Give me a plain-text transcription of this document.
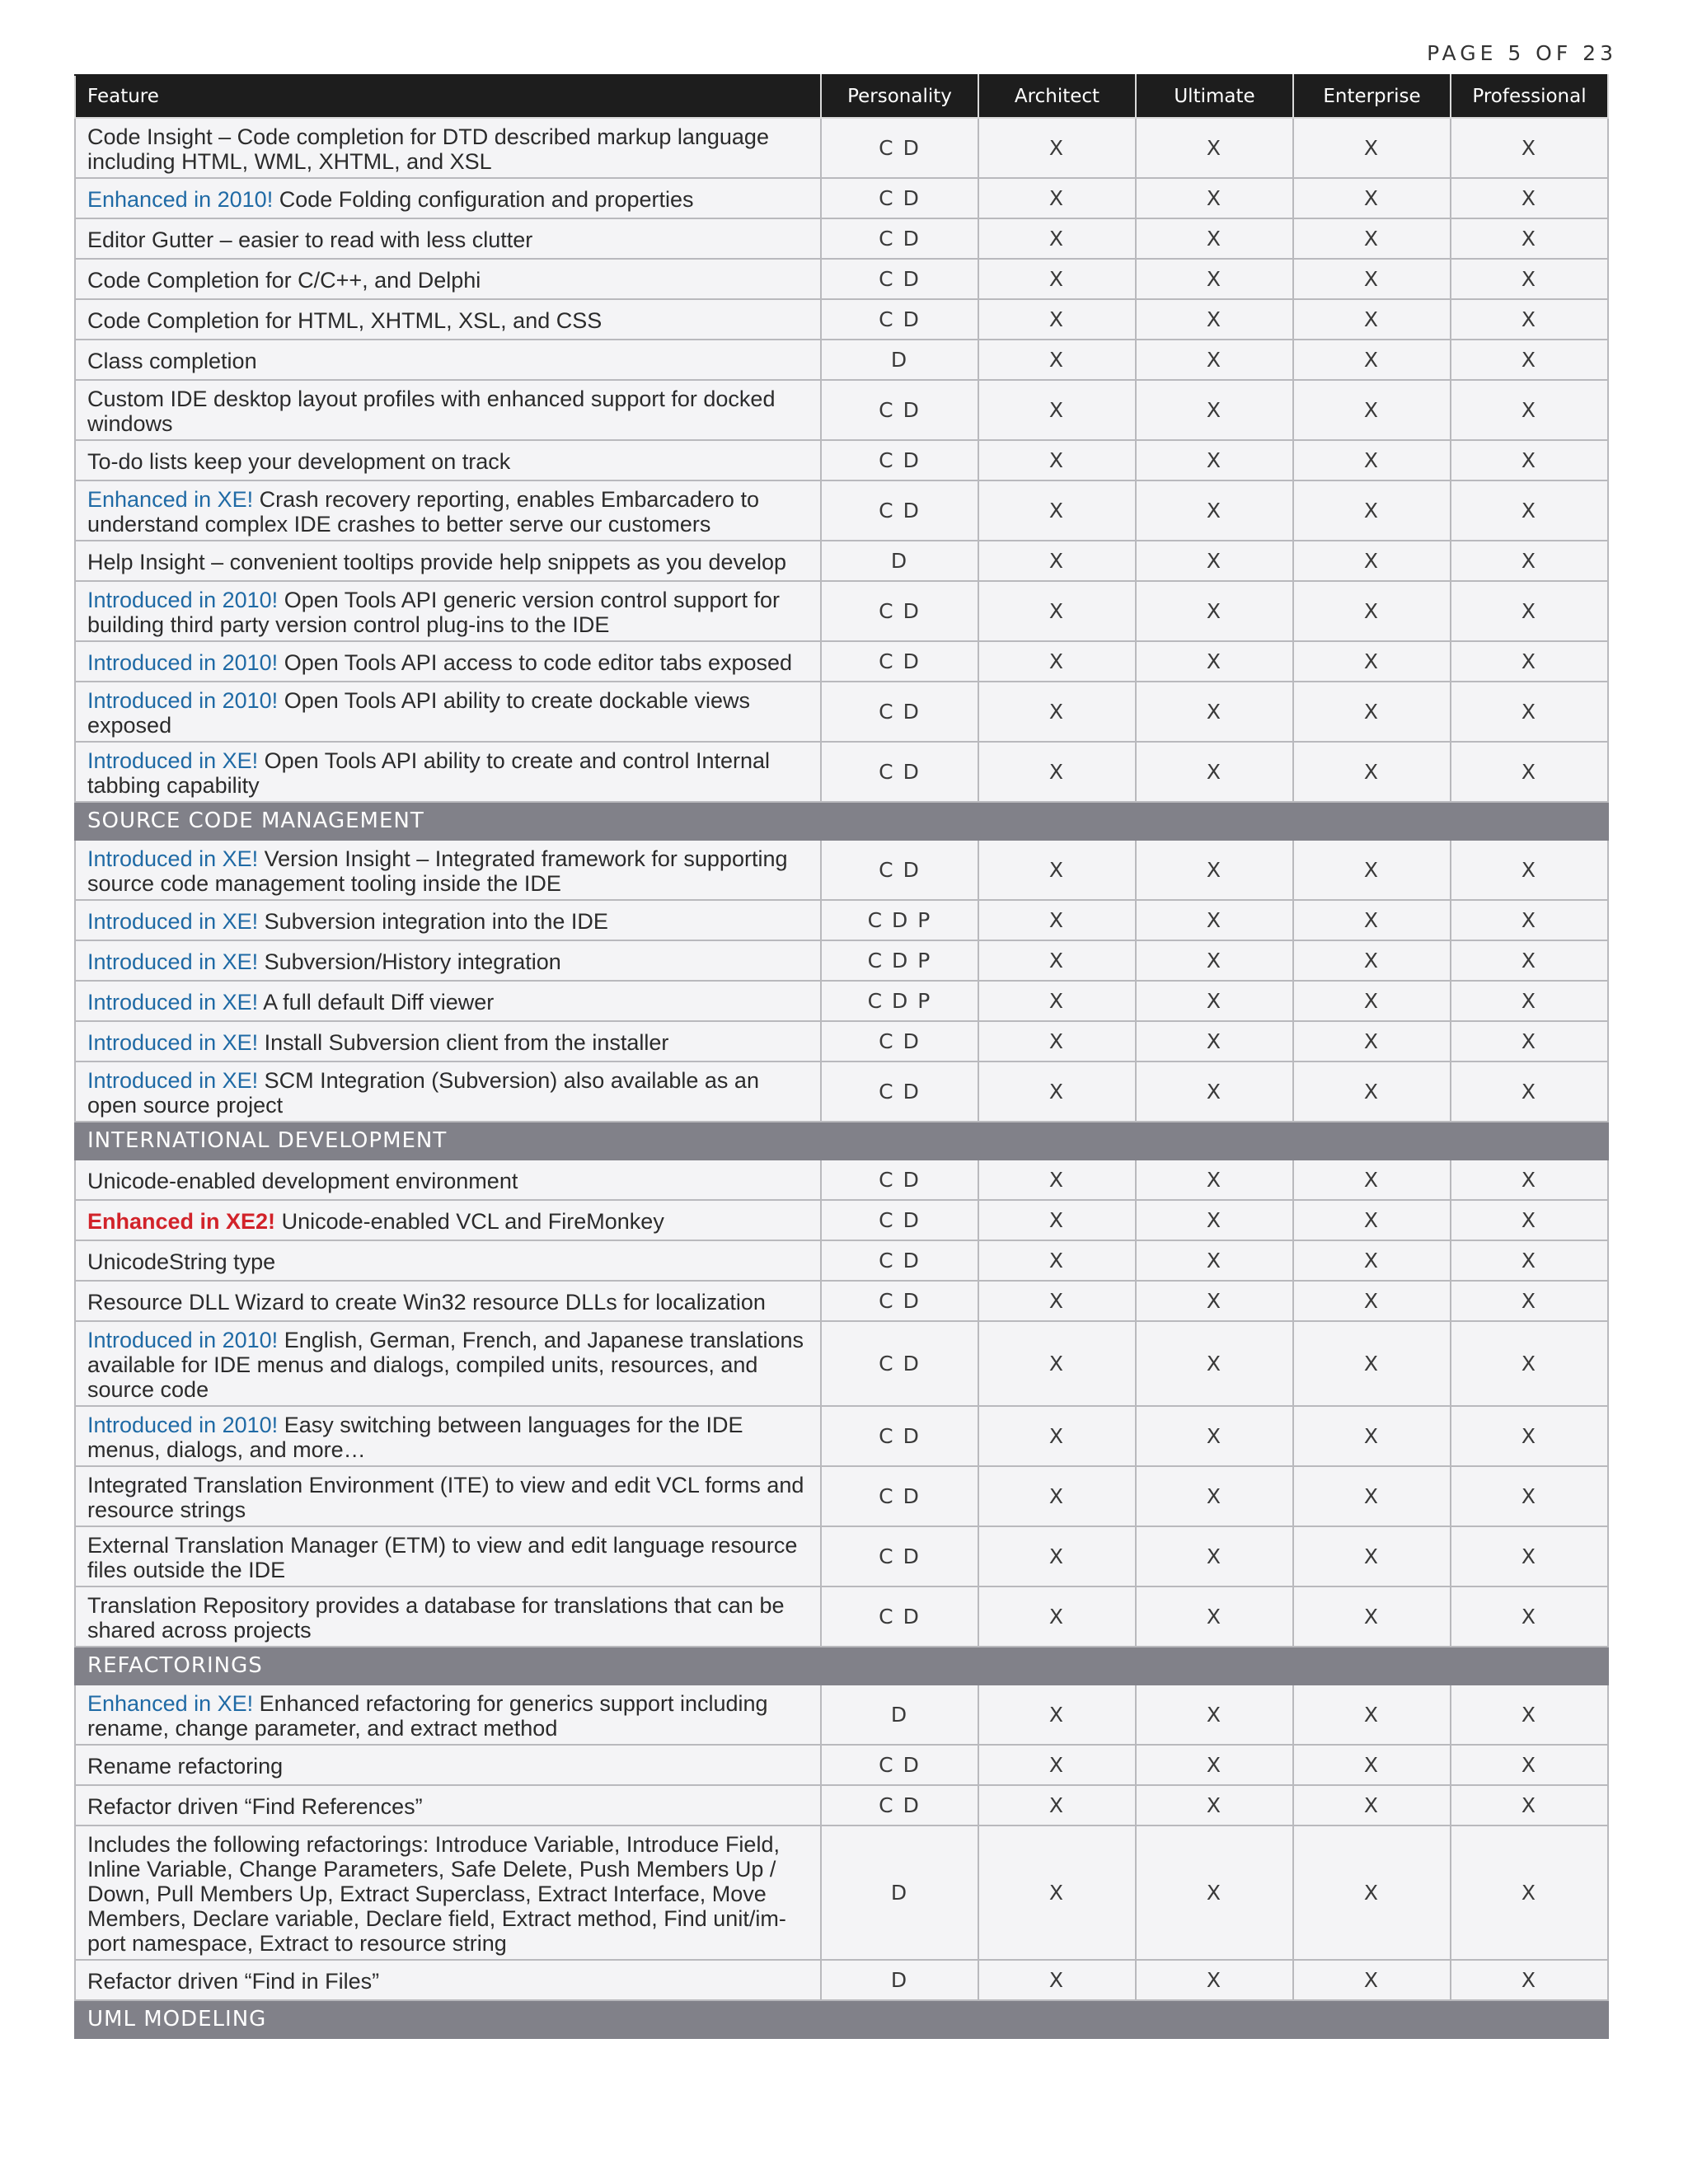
PAGE 5 OF 23
Feature	Personality	Architect	Ultimate	Enterprise	Professional
Code Insight – Code completion for DTD described markup language including HTML, WML, XHTML, and XSL	C D	X	X	X	X
Enhanced in 2010! Code Folding configuration and properties	C D	X	X	X	X
Editor Gutter – easier to read with less clutter	C D	X	X	X	X
Code Completion for C/C++, and Delphi	C D	X	X	X	X
Code Completion for HTML, XHTML, XSL, and CSS	C D	X	X	X	X
Class completion	D	X	X	X	X
Custom IDE desktop layout profiles with enhanced support for docked windows	C D	X	X	X	X
To-do lists keep your development on track	C D	X	X	X	X
Enhanced in XE! Crash recovery reporting, enables Embarcadero to understand complex IDE crashes to better serve our customers	C D	X	X	X	X
Help Insight – convenient tooltips provide help snippets as you develop	D	X	X	X	X
Introduced in 2010! Open Tools API generic version control support for building third party version control plug-ins to the IDE	C D	X	X	X	X
Introduced in 2010! Open Tools API access to code editor tabs exposed	C D	X	X	X	X
Introduced in 2010! Open Tools API ability to create dockable views exposed	C D	X	X	X	X
Introduced in XE! Open Tools API ability to create and control Internal tabbing capability	C D	X	X	X	X
SOURCE CODE MANAGEMENT					
Introduced in XE! Version Insight – Integrated framework for supporting source code management tooling inside the IDE	C D	X	X	X	X
Introduced in XE! Subversion integration into the IDE	C D P	X	X	X	X
Introduced in XE! Subversion/History integration	C D P	X	X	X	X
Introduced in XE! A full default Diff viewer	C D P	X	X	X	X
Introduced in XE! Install Subversion client from the installer	C D	X	X	X	X
Introduced in XE! SCM Integration (Subversion) also available as an open source project	C D	X	X	X	X
INTERNATIONAL DEVELOPMENT					
Unicode-enabled development environment	C D	X	X	X	X
Enhanced in XE2! Unicode-enabled VCL and FireMonkey	C D	X	X	X	X
UnicodeString type	C D	X	X	X	X
Resource DLL Wizard to create Win32 resource DLLs for localization	C D	X	X	X	X
Introduced in 2010! English, German, French, and Japanese translations available for IDE menus and dialogs, compiled units, resources, and source code	C D	X	X	X	X
Introduced in 2010! Easy switching between languages for the IDE menus, dialogs, and more…	C D	X	X	X	X
Integrated Translation Environment (ITE) to view and edit VCL forms and resource strings	C D	X	X	X	X
External Translation Manager (ETM) to view and edit language resource files outside the IDE	C D	X	X	X	X
Translation Repository provides a database for translations that can be shared across projects	C D	X	X	X	X
REFACTORINGS					
Enhanced in XE! Enhanced refactoring for generics support including rename, change parameter, and extract method	D	X	X	X	X
Rename refactoring	C D	X	X	X	X
Refactor driven “Find References”	C D	X	X	X	X
Includes the following refactorings: Introduce Variable, Introduce Field, Inline Variable, Change Parameters, Safe Delete, Push Members Up / Down, Pull Members Up, Extract Superclass, Extract Interface, Move Members, Declare variable, Declare field, Extract method, Find unit/im- port namespace, Extract to resource string	D	X	X	X	X
Refactor driven “Find in Files”	D	X	X	X	X
UML MODELING					
